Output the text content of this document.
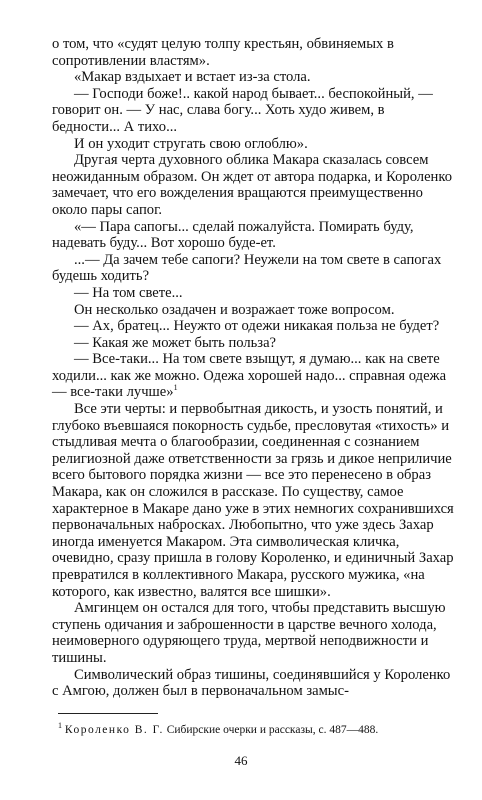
о том, что «судят целую толпу крестьян, обвиняемых в сопротивлении властям».

«Макар вздыхает и встает из-за стола.

— Господи боже!.. какой народ бывает... беспокойный, — говорит он. — У нас, слава богу... Хоть худо живем, в бедности... А тихо...

И он уходит стругать свою оглоблю».

Другая черта духовного облика Макара сказалась совсем неожиданным образом. Он ждет от автора подарка, и Короленко замечает, что его вожделения вращаются преимущественно около пары сапог.

«— Пара сапогы... сделай пожалуйста. Помирать буду, надевать буду... Вот хорошо буде-ет.

...— Да зачем тебе сапоги? Неужели на том свете в сапогах будешь ходить?

— На том свете...

Он несколько озадачен и возражает тоже вопросом.

— Ах, братец... Неужто от одежи никакая польза не будет?

— Какая же может быть польза?

— Все-таки... На том свете взыщут, я думаю... как на свете ходили... как же можно. Одежа хорошей надо... справная одежа — все-таки лучше»$^1$

Все эти черты: и первобытная дикость, и узость понятий, и глубоко въевшаяся покорность судьбе, пресловутая «тихость» и стыдливая мечта о благообразии, соединенная с сознанием религиозной даже ответственности за грязь и дикое неприличие всего бытового порядка жизни — все это перенесено в образ Макара, как он сложился в рассказе. По существу, самое характерное в Макаре дано уже в этих немногих сохранившихся первоначальных набросках. Любопытно, что уже здесь Захар иногда именуется Макаром. Эта символическая кличка, очевидно, сразу пришла в голову Короленко, и единичный Захар превратился в коллективного Макара, русского мужика, «на которого, как известно, валятся все шишки».

Амгинцем он остался для того, чтобы представить высшую ступень одичания и заброшенности в царстве вечного холода, неимоверного одуряющего труда, мертвой неподвижности и тишины.

Символический образ тишины, соединявшийся у Короленко с Амгою, должен был в первоначальном замыс-

$^1$ Короленко В. Г. Сибирские очерки и рассказы, с. 487—488.
46
